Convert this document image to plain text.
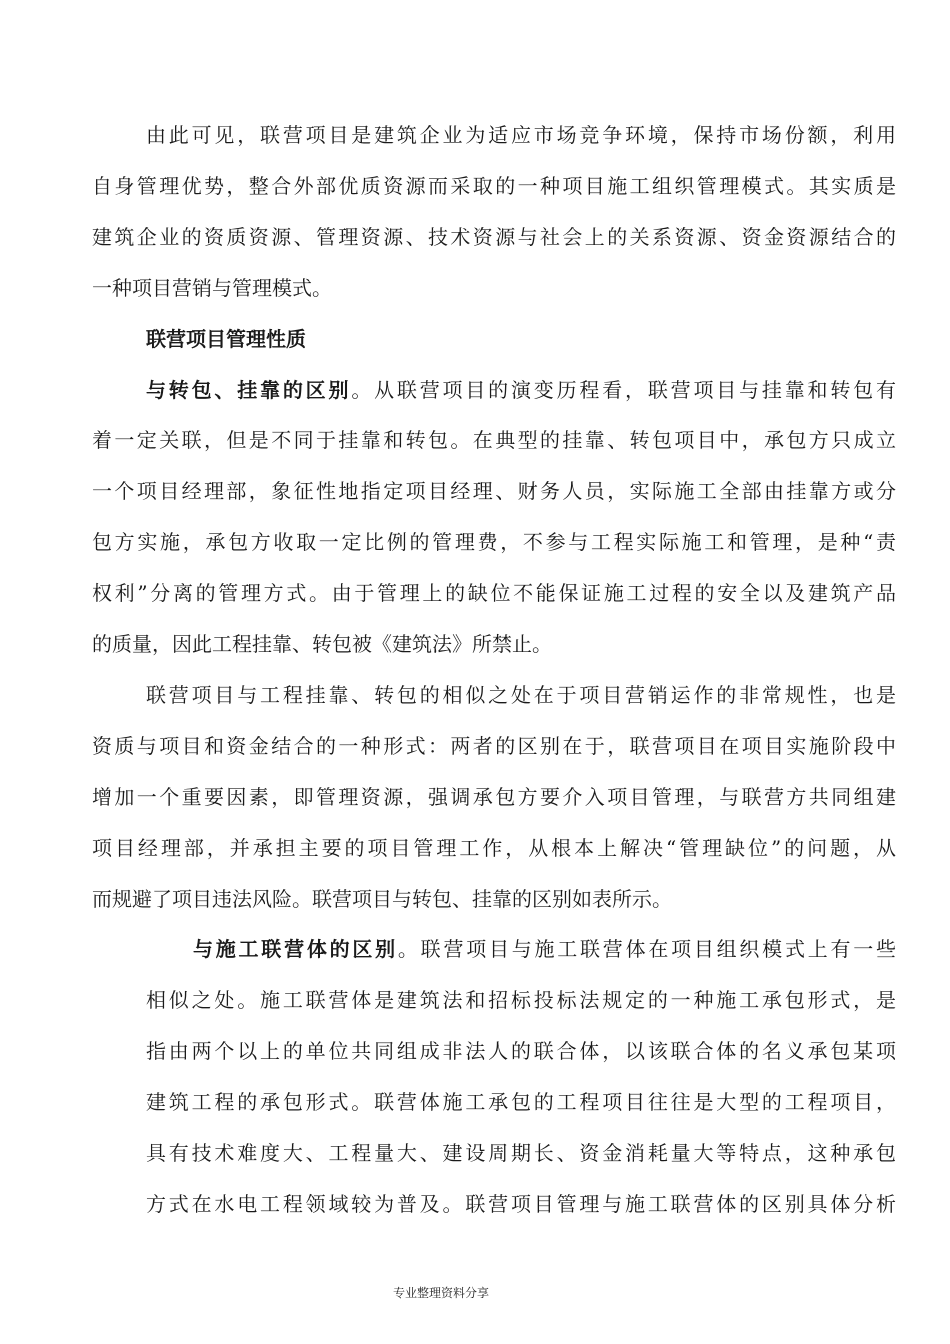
由此可见，联营项目是建筑企业为适应市场竞争环境，保持市场份额，利用
自身管理优势，整合外部优质资源而采取的一种项目施工组织管理模式。其实质是
建筑企业的资质资源、管理资源、技术资源与社会上的关系资源、资金资源结合的
一种项目营销与管理模式。
联营项目管理性质
与转包、挂靠的区别。从联营项目的演变历程看，联营项目与挂靠和转包有
着一定关联，但是不同于挂靠和转包。在典型的挂靠、转包项目中，承包方只成立
一个项目经理部，象征性地指定项目经理、财务人员，实际施工全部由挂靠方或分
包方实施，承包方收取一定比例的管理费，不参与工程实际施工和管理，是种“责
权利”分离的管理方式。由于管理上的缺位不能保证施工过程的安全以及建筑产品
的质量，因此工程挂靠、转包被《建筑法》所禁止。
联营项目与工程挂靠、转包的相似之处在于项目营销运作的非常规性，也是
资质与项目和资金结合的一种形式：两者的区别在于，联营项目在项目实施阶段中
增加一个重要因素，即管理资源，强调承包方要介入项目管理，与联营方共同组建
项目经理部，并承担主要的项目管理工作，从根本上解决“管理缺位”的问题，从
而规避了项目违法风险。联营项目与转包、挂靠的区别如表所示。
与施工联营体的区别。联营项目与施工联营体在项目组织模式上有一些
相似之处。施工联营体是建筑法和招标投标法规定的一种施工承包形式，是
指由两个以上的单位共同组成非法人的联合体，以该联合体的名义承包某项
建筑工程的承包形式。联营体施工承包的工程项目往往是大型的工程项目，
具有技术难度大、工程量大、建设周期长、资金消耗量大等特点，这种承包
方式在水电工程领域较为普及。联营项目管理与施工联营体的区别具体分析
专业整理资料分享
